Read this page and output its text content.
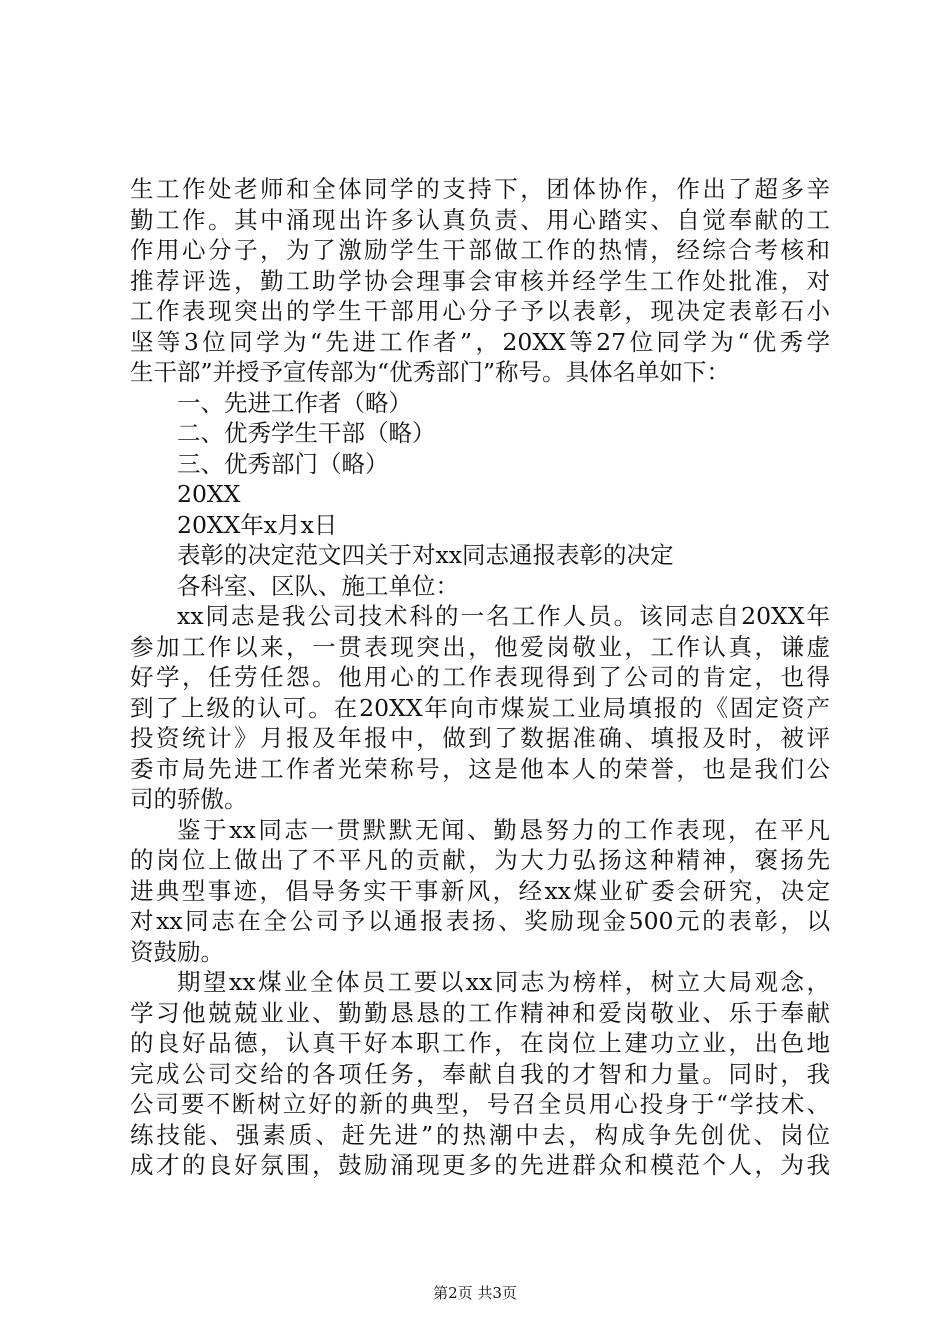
生工作处老师和全体同学的支持下，团体协作，作出了超多辛
勤工作。其中涌现出许多认真负责、用心踏实、自觉奉献的工
作用心分子，为了激励学生干部做工作的热情，经综合考核和
推荐评选，勤工助学协会理事会审核并经学生工作处批准，对
工作表现突出的学生干部用心分子予以表彰，现决定表彰石小
坚等3位同学为“先进工作者”，20XX等27位同学为“优秀学
生干部”并授予宣传部为“优秀部门”称号。具体名单如下：
一、先进工作者（略）
二、优秀学生干部（略）
三、优秀部门（略）
20XX
20XX年x月x日
表彰的决定范文四关于对xx同志通报表彰的决定
各科室、区队、施工单位：
xx同志是我公司技术科的一名工作人员。该同志自20XX年
参加工作以来，一贯表现突出，他爱岗敬业，工作认真，谦虚
好学，任劳任怨。他用心的工作表现得到了公司的肯定，也得
到了上级的认可。在20XX年向市煤炭工业局填报的《固定资产
投资统计》月报及年报中，做到了数据准确、填报及时，被评
委市局先进工作者光荣称号，这是他本人的荣誉，也是我们公
司的骄傲。
鉴于xx同志一贯默默无闻、勤恳努力的工作表现，在平凡
的岗位上做出了不平凡的贡献，为大力弘扬这种精神，褒扬先
进典型事迹，倡导务实干事新风，经xx煤业矿委会研究，决定
对xx同志在全公司予以通报表扬、奖励现金500元的表彰，以
资鼓励。
期望xx煤业全体员工要以xx同志为榜样，树立大局观念，
学习他兢兢业业、勤勤恳恳的工作精神和爱岗敬业、乐于奉献
的良好品德，认真干好本职工作，在岗位上建功立业，出色地
完成公司交给的各项任务，奉献自我的才智和力量。同时，我
公司要不断树立好的新的典型，号召全员用心投身于“学技术、
练技能、强素质、赶先进”的热潮中去，构成争先创优、岗位
成才的良好氛围，鼓励涌现更多的先进群众和模范个人，为我
第2页 共3页
